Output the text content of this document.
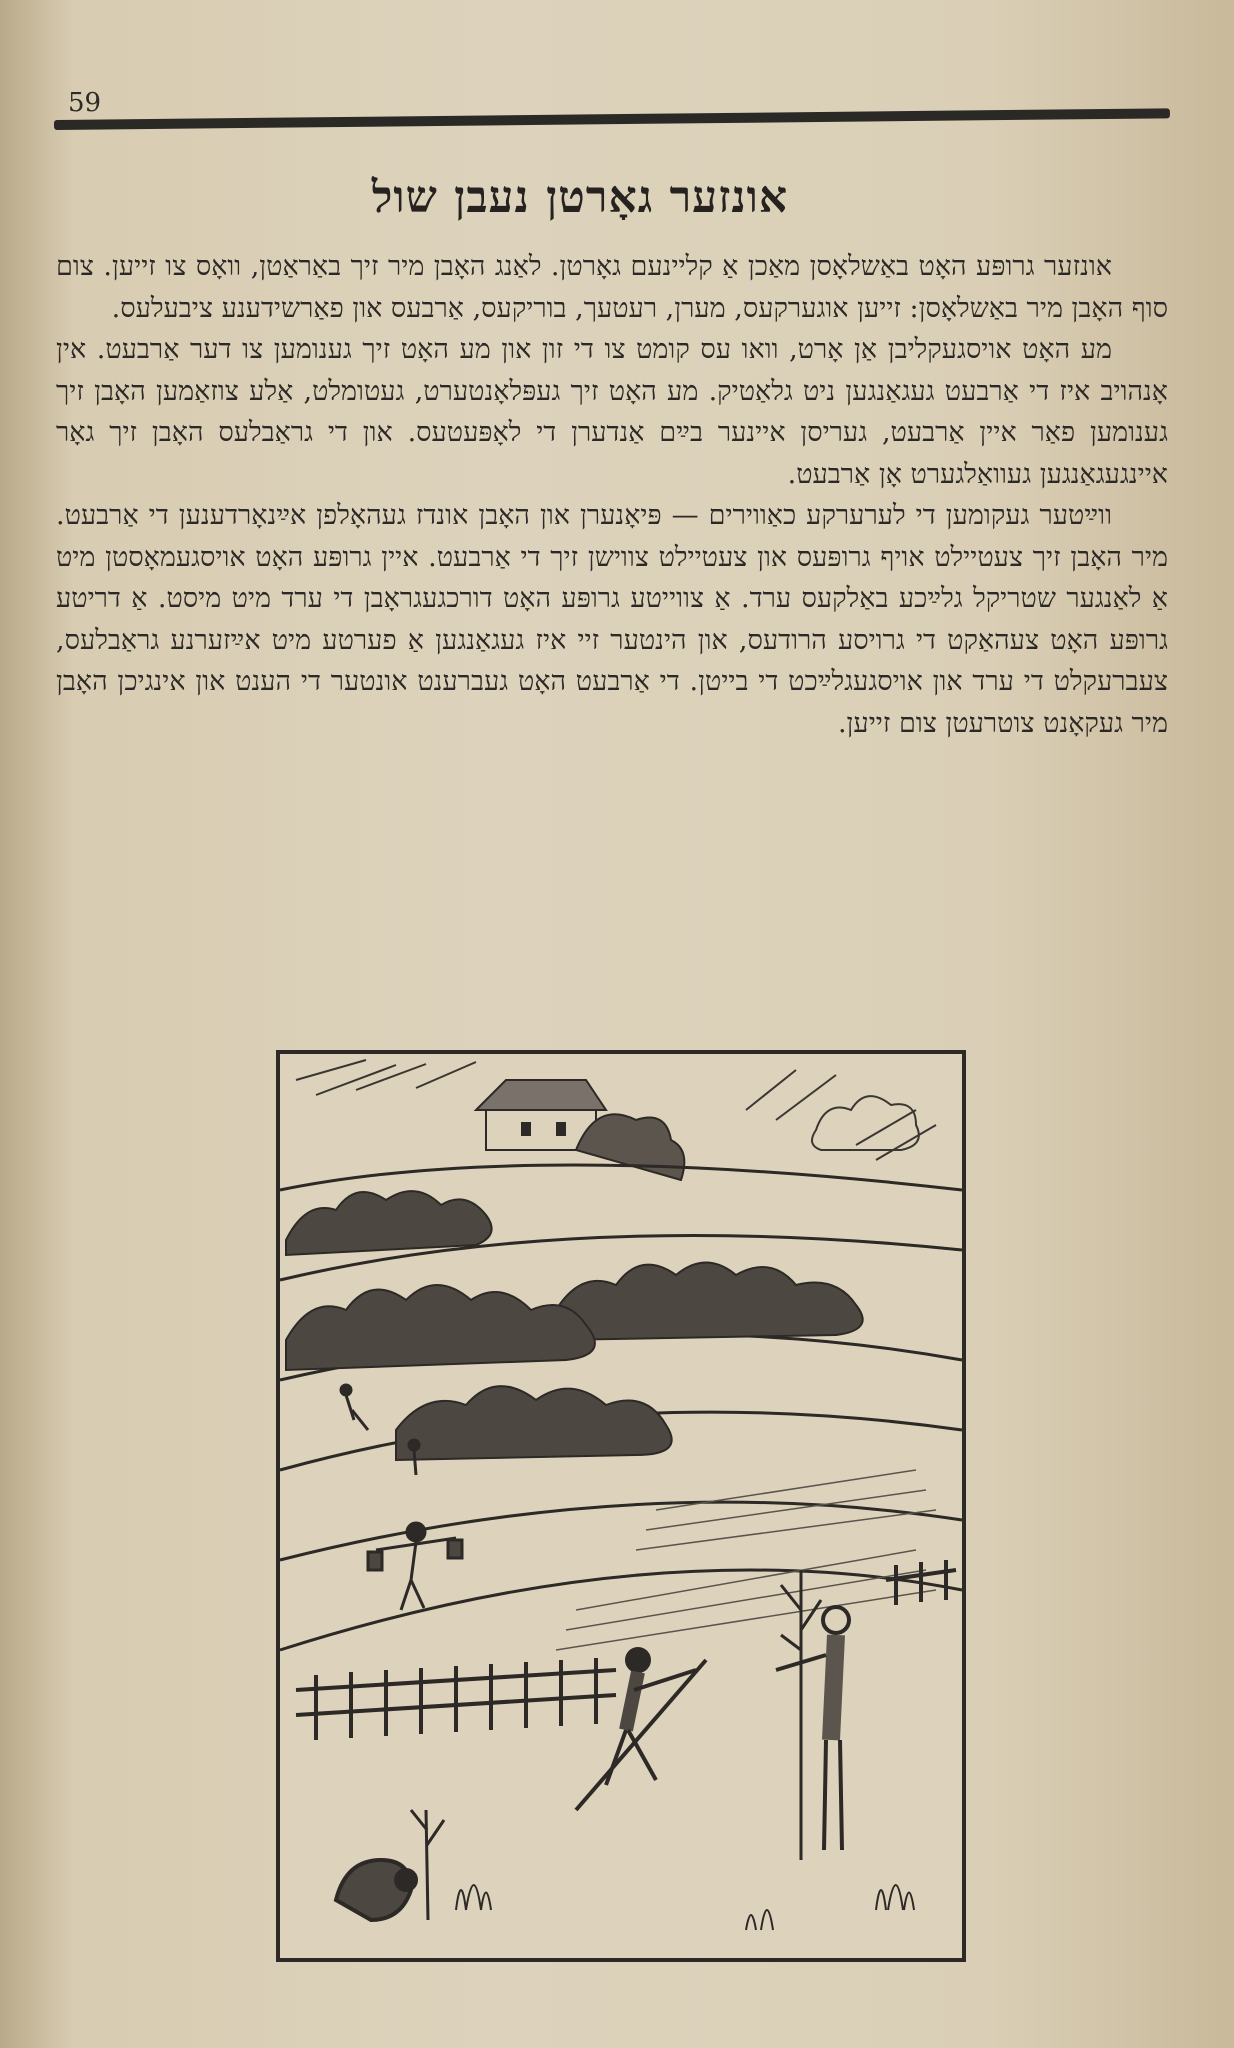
59
אונזער גאָרטן נעבן שול

אונזער גרופּע האָט באַשלאָסן מאַכן אַ קליינעם גאָרטן. לאַנג האָבן מיר זיך באַראַטן, וואָס צו זייען. צום סוף האָבן מיר באַשלאָסן: זייען אוגערקעס, מערן, רעטעך, בוריקעס, אַרבעס און פאַרשידענע ציבעלעס.

מע האָט אויסגעקליבן אַן אָרט, וואו עס קומט צו די זון און מע האָט זיך גענומען צו דער אַרבעט. אין אָנהויב איז די אַרבעט געגאַנגען ניט גלאַטיק. מע האָט זיך געפּלאָנטערט, געטומלט, אַלע צוזאַמען האָבן זיך גענומען פאַר איין אַרבעט, געריסן איינער בײַם אַנדערן די לאָפּעטעס. און די גראַבלעס האָבן זיך גאָר איינגעגאַנגען געוואַלגערט אָן אַרבעט.

ווײַטער געקומען די לערערקע כאַווירים — פּיאָנערן און האָבן אונדז געהאָלפן אײַנאָרדענען די אַרבעט. מיר האָבן זיך צעטיילט אויף גרופּעס און צעטיילט צווישן זיך די אַרבעט. איין גרופּע האָט אויסגעמאָסטן מיט אַ לאַנגער שטריקל גלײַכע באַלקעס ערד. אַ צווייטע גרופּע האָט דורכגעגראָבן די ערד מיט מיסט. אַ דריטע גרופּע האָט צעהאַקט די גרויסע הרודעס, און הינטער זיי איז געגאַנגען אַ פערטע מיט אײַזערנע גראַבלעס, צעברעקלט די ערד און אויסגעגלײַכט די בייטן. די אַרבעט האָט געברענט אונטער די הענט און אינגיכן האָבן מיר געקאָנט צוטרעטן צום זייען.
